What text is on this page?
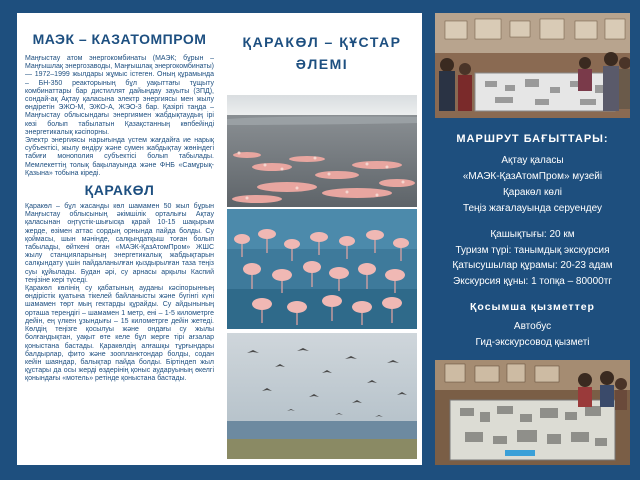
МАЭК – КАЗАТОМПРОМ

Маңғыстау атом энергокомбинаты (МАЭК; бұрын – Маңғышлақ энергозаводы, Маңғышлақ энергокомбинаты) — 1972–1999 жылдары жұмыс істеген. Оның құрамында – БН-350 реакторының бұл уақыттағы тұщыту комбинаттары бар дистиллят дайындау зауыты (ЗПД), сондай-ақ Ақтау қаласына электр энергиясы мен жылу өндіретін ЭЖО-М, ЭЖО-А, ЖЭО-3 бар. Қазіргі таңда – Маңғыстау облысындағы энергиямен жабдықтаудың ірі көзі болып табылатын Қазақстанның көпбейінді энергетикалық кәсіпорны.

Электр энергиясы нарығында үстем жағдайға ие нарық субъектісі, жылу өндіру және сумен жабдықтау жөніндегі табиғи монополия субъектісі болып табылады. Мемлекеттің толық бақылауында және ФНБ «Самұрық-Қазына» тобына кіреді.

ҚАРАКӨЛ

Қаракөл – бұл жасанды көл шамамен 50 жыл бұрын Маңғыстау облысының әкімшілік орталығы Ақтау қаласынан оңтүстік-шығысқа қарай 10-15 шақырым жерде, өзімен аттас сордың орнында пайда болды. Су қоймасы, шын мәнінде, салқындатқыш тоған болып табылады, өйткені оған «МАЭК-ҚазАтомПром» ЖШС жылу станцияларының энергетикалық жабдықтарын салқындату үшін пайдаланылған қыздырылған таза теңіз суы құйылады. Будан әрі, су арнасы арқылы Каспий теңізіне кері түседі.

Қаракөл көлінің су қабатының ауданы кәсіпорынның өндірістік қуатына тікелей байланысты және бүгінгі күні шамамен төрт мың гектарды құрайды. Су айдынының орташа тереңдігі – шамамен 1 метр, ені – 1-5 километрге дейін, ең үлкен ұзындығы – 15 километрге дейін жетеді. Көлдің теңізге қосылуы және ондағы су жылы болғандықтан, уақыт өте келе бұл жерге тірі ағзалар қоныстана бастады. Қаракөлдің алғашқы тұрғындары балдырлар, фито және зоопланктондар болды, содан кейін шаяндар, балықтар пайда болды. Біртіндеп жыл құстары да осы жерді өздерінің қоныс аударуының өкелгі қонындағы «мотель» ретінде қоныстана бастады.

ҚАРАКӨЛ – ҚҰСТАР
ӘЛЕМІ
МАРШРУТ БАҒЫТТАРЫ:
Ақтау қаласы
«МАЭК-ҚазАтомПром» музейі
Қаракөл көлі
Теңіз жағалауында серуендеу
Қашықтығы: 20 км
Туризм түрі: танымдық экскурсия
Қатысушылар құрамы: 20-23 адам
Экскурсия құны: 1 топқа – 80000тг
Қосымша қызметтер
Автобус
Гид-экскурсовод қызметі
